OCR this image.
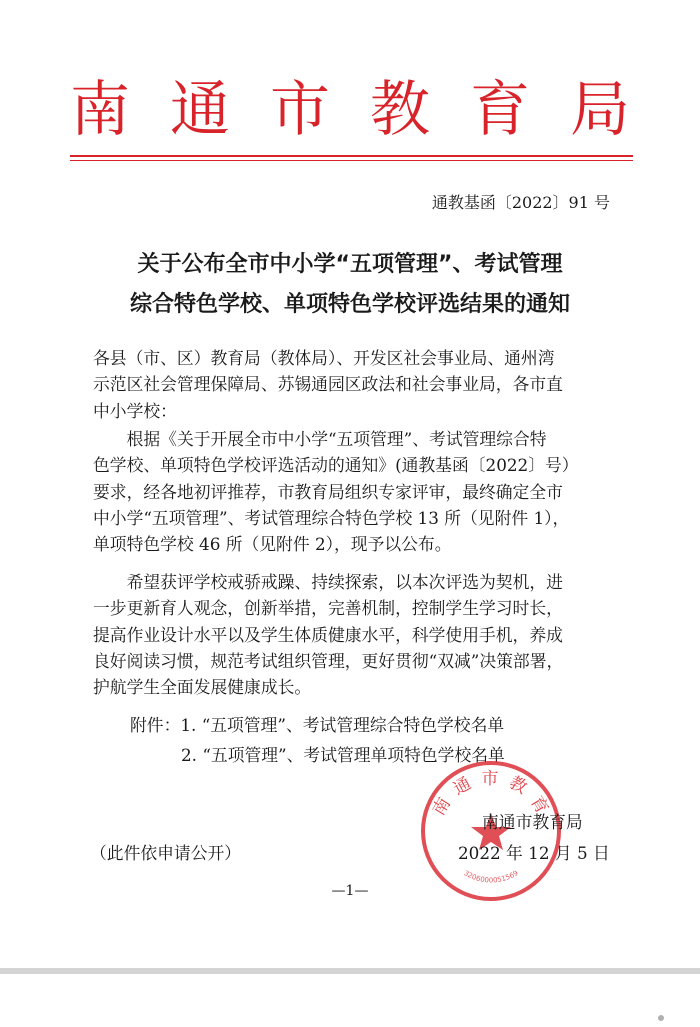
南 通 市 教 育 局
通教基函〔2022〕91 号
关于公布全市中小学“五项管理”、考试管理
综合特色学校、单项特色学校评选结果的通知

各县（市、区）教育局（教体局）、开发区社会事业局、通州湾

示范区社会管理保障局、苏锡通园区政法和社会事业局，各市直

中小学校：

根据《关于开展全市中小学“五项管理”、考试管理综合特

色学校、单项特色学校评选活动的通知》(通教基函〔2022〕号）

要求，经各地初评推荐，市教育局组织专家评审，最终确定全市

中小学“五项管理”、考试管理综合特色学校 13 所（见附件 1），

单项特色学校 46 所（见附件 2），现予以公布。

希望获评学校戒骄戒躁、持续探索，以本次评选为契机，进

一步更新育人观念，创新举措，完善机制，控制学生学习时长，

提高作业设计水平以及学生体质健康水平，科学使用手机，养成

良好阅读习惯，规范考试组织管理，更好贯彻“双减”决策部署，

护航学生全面发展健康成长。

附件：1. “五项管理”、考试管理综合特色学校名单
2. “五项管理”、考试管理单项特色学校名单
南 通 市 教 育
3206000051569
南通市教育局
2022 年 12 月 5 日
（此件依申请公开）
—1—
